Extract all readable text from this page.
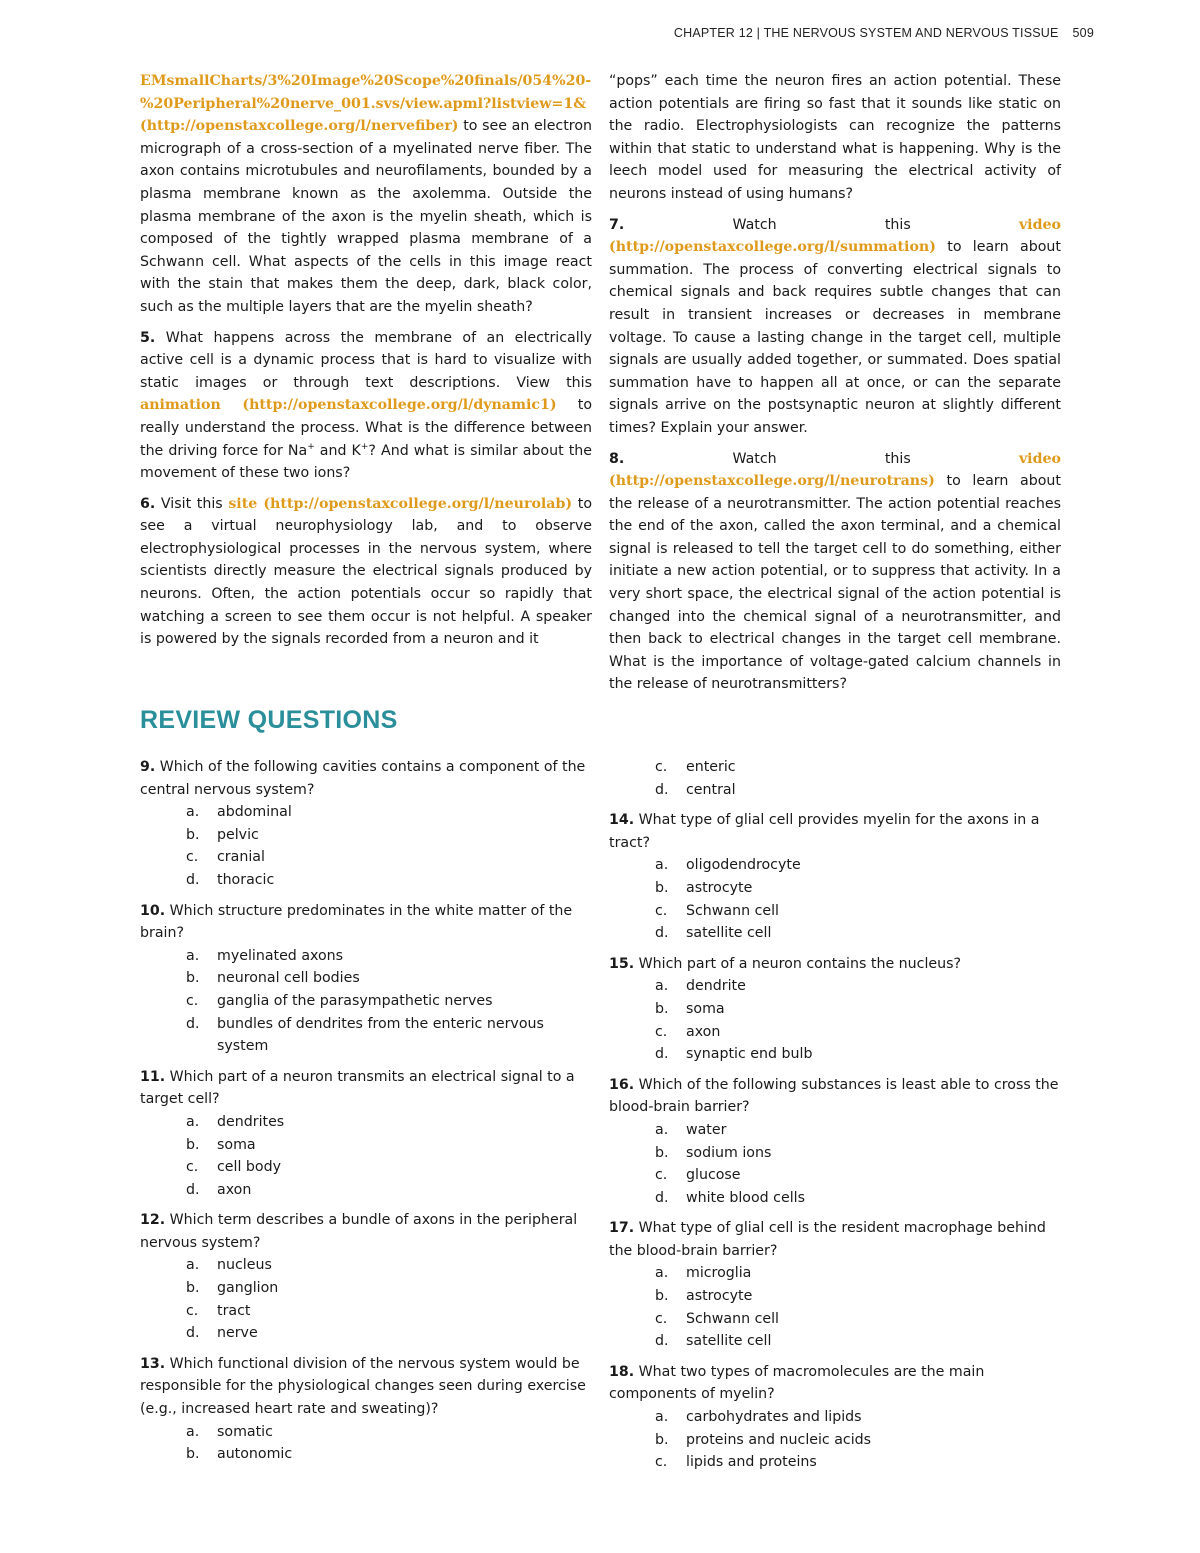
CHAPTER 12 | THE NERVOUS SYSTEM AND NERVOUS TISSUE 509

EMsmallCharts/3%20Image%20Scope%20finals/054%20-%20Peripheral%20nerve_001.svs/view.apml?listview=1& (http://openstaxcollege.org/l/nervefiber) to see an electron micrograph of a cross-section of a myelinated nerve fiber. The axon contains microtubules and neurofilaments, bounded by a plasma membrane known as the axolemma. Outside the plasma membrane of the axon is the myelin sheath, which is composed of the tightly wrapped plasma membrane of a Schwann cell. What aspects of the cells in this image react with the stain that makes them the deep, dark, black color, such as the multiple layers that are the myelin sheath?

5. What happens across the membrane of an electrically active cell is a dynamic process that is hard to visualize with static images or through text descriptions. View this animation (http://openstaxcollege.org/l/dynamic1) to really understand the process. What is the difference between the driving force for Na+ and K+? And what is similar about the movement of these two ions?

6. Visit this site (http://openstaxcollege.org/l/neurolab) to see a virtual neurophysiology lab, and to observe electrophysiological processes in the nervous system, where scientists directly measure the electrical signals produced by neurons. Often, the action potentials occur so rapidly that watching a screen to see them occur is not helpful. A speaker is powered by the signals recorded from a neuron and it

“pops” each time the neuron fires an action potential. These action potentials are firing so fast that it sounds like static on the radio. Electrophysiologists can recognize the patterns within that static to understand what is happening. Why is the leech model used for measuring the electrical activity of neurons instead of using humans?

7.	Watch this	video (http://openstaxcollege.org/l/summation) to learn about summation. The process of converting electrical signals to chemical signals and back requires subtle changes that can result in transient increases or decreases in membrane voltage. To cause a lasting change in the target cell, multiple signals are usually added together, or summated. Does spatial summation have to happen all at once, or can the separate signals arrive on the postsynaptic neuron at slightly different times? Explain your answer.

8.	Watch this	video (http://openstaxcollege.org/l/neurotrans) to learn about the release of a neurotransmitter. The action potential reaches the end of the axon, called the axon terminal, and a chemical signal is released to tell the target cell to do something, either initiate a new action potential, or to suppress that activity. In a very short space, the electrical signal of the action potential is changed into the chemical signal of a neurotransmitter, and then back to electrical changes in the target cell membrane. What is the importance of voltage-gated calcium channels in the release of neurotransmitters?

REVIEW QUESTIONS

9. Which of the following cavities contains a component of the central nervous system?

a.	abdominal
b.	pelvic
c.	cranial
d.	thoracic

10. Which structure predominates in the white matter of the brain?

a.	myelinated axons
b.	neuronal cell bodies
c.	ganglia of the parasympathetic nerves
d.	bundles of dendrites from the enteric nervous system

11. Which part of a neuron transmits an electrical signal to a target cell?

a.	dendrites
b.	soma
c.	cell body
d.	axon

12. Which term describes a bundle of axons in the peripheral nervous system?

a.	nucleus
b.	ganglion
c.	tract
d.	nerve

13. Which functional division of the nervous system would be responsible for the physiological changes seen during exercise (e.g., increased heart rate and sweating)?

a.	somatic
b.	autonomic
c.	enteric
d.	central

14. What type of glial cell provides myelin for the axons in a tract?

a.	oligodendrocyte
b.	astrocyte
c.	Schwann cell
d.	satellite cell

15. Which part of a neuron contains the nucleus?

a.	dendrite
b.	soma
c.	axon
d.	synaptic end bulb

16. Which of the following substances is least able to cross the blood-brain barrier?

a.	water
b.	sodium ions
c.	glucose
d.	white blood cells

17. What type of glial cell is the resident macrophage behind the blood-brain barrier?

a.	microglia
b.	astrocyte
c.	Schwann cell
d.	satellite cell

18. What two types of macromolecules are the main components of myelin?

a.	carbohydrates and lipids
b.	proteins and nucleic acids
c.	lipids and proteins
